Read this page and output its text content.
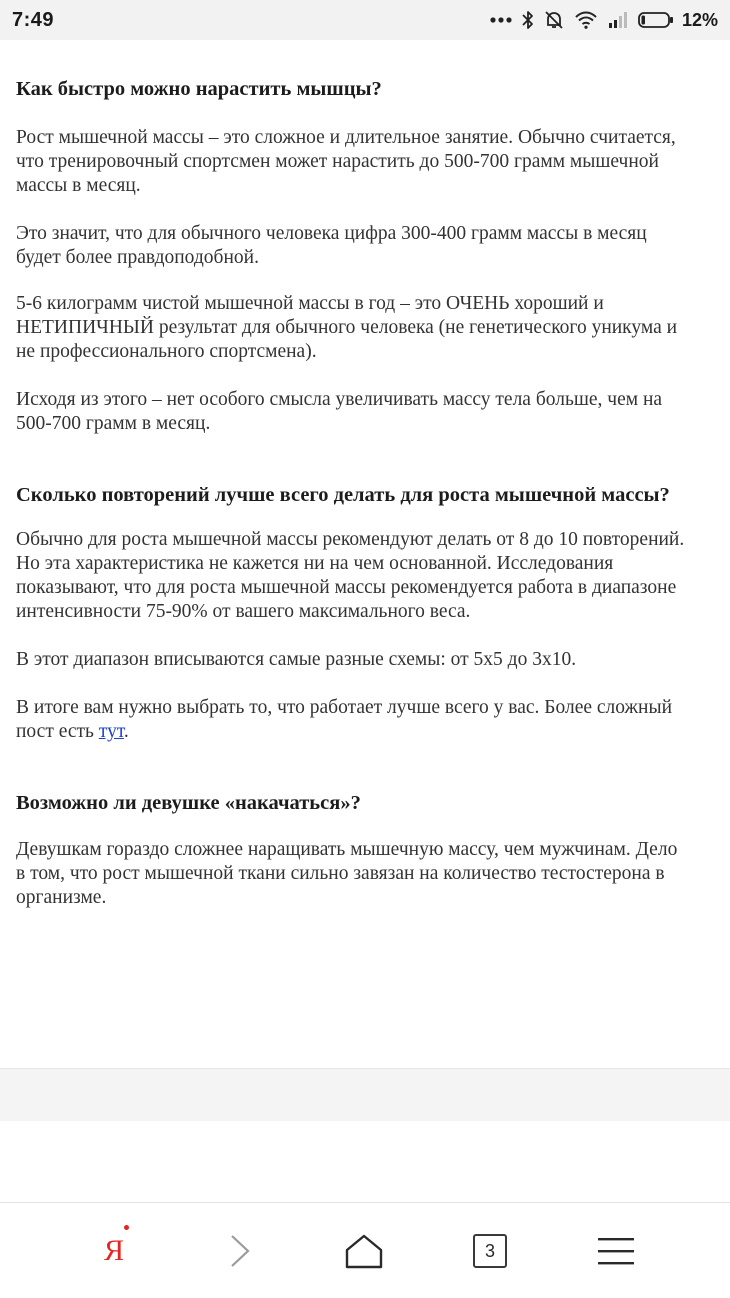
7:49	12%
Как быстро можно нарастить мышцы?

Рост мышечной массы – это сложное и длительное занятие. Обычно считается,
что тренировочный спортсмен может нарастить до 500-700 грамм мышечной
массы в месяц.

Это значит, что для обычного человека цифра 300-400 грамм массы в месяц
будет более правдоподобной.

5-6 килограмм чистой мышечной массы в год – это ОЧЕНЬ хороший и
НЕТИПИЧНЫЙ результат для обычного человека (не генетического уникума и
не профессионального спортсмена).

Исходя из этого – нет особого смысла увеличивать массу тела больше, чем на
500-700 грамм в месяц.

Сколько повторений лучше всего делать для роста мышечной массы?

Обычно для роста мышечной массы рекомендуют делать от 8 до 10 повторений.
Но эта характеристика не кажется ни на чем основанной. Исследования
показывают, что для роста мышечной массы рекомендуется работа в диапазоне
интенсивности 75-90% от вашего максимального веса.

В этот диапазон вписываются самые разные схемы: от 5x5 до 3x10.

В итоге вам нужно выбрать то, что работает лучше всего у вас. Более сложный
пост есть тут.

Возможно ли девушке «накачаться»?

Девушкам гораздо сложнее наращивать мышечную массу, чем мужчинам. Дело
в том, что рост мышечной ткани сильно завязан на количество тестостерона в
организме.

Я	3
